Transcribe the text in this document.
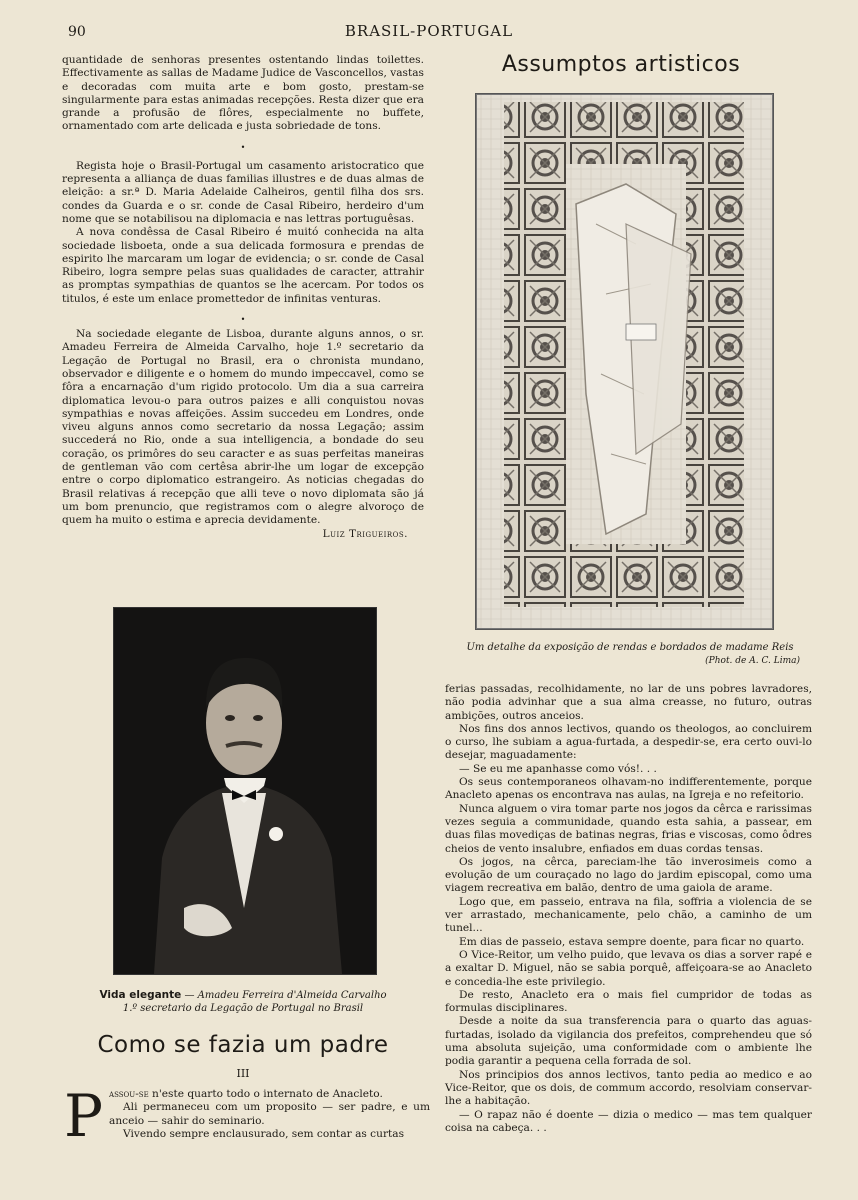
90	BRASIL-PORTUGAL

quantidade de senhoras presentes ostentando lindas toilettes. Effectivamente as sallas de Madame Judice de Vasconcellos, vastas e decoradas com muita arte e bom gosto, prestam-se singularmente para estas animadas recepções. Resta dizer que era grande a profusão de flôres, especialmente no buffete, ornamentado com arte delicada e justa sobriedade de tons.

•

Regista hoje o Brasil-Portugal um casamento aristocratico que representa a alliança de duas familias illustres e de duas almas de eleição: a sr.ª D. Maria Adelaide Calheiros, gentil filha dos srs. condes da Guarda e o sr. conde de Casal Ribeiro, herdeiro d'um nome que se notabilisou na diplomacia e nas lettras portuguêsas.

A nova condêssa de Casal Ribeiro é muitó conhecida na alta sociedade lisboeta, onde a sua delicada formosura e prendas de espirito lhe marcaram um logar de evidencia; o sr. conde de Casal Ribeiro, logra sempre pelas suas qualidades de caracter, attrahir as promptas sympathias de quantos se lhe acercam. Por todos os titulos, é este um enlace promettedor de infinitas venturas.

•

Na sociedade elegante de Lisboa, durante alguns annos, o sr. Amadeu Ferreira de Almeida Carvalho, hoje 1.º secretario da Legação de Portugal no Brasil, era o chronista mundano, observador e diligente e o homem do mundo impeccavel, como se fôra a encarnação d'um rigido protocolo. Um dia a sua carreira diplomatica levou-o para outros paizes e alli conquistou novas sympathias e novas affeições. Assim succedeu em Londres, onde viveu alguns annos como secretario da nossa Legação; assim succederá no Rio, onde a sua intelligencia, a bondade do seu coração, os primôres do seu caracter e as suas perfeitas maneiras de gentleman vão com certêsa abrir-lhe um logar de excepção entre o corpo diplomatico estrangeiro. As noticias chegadas do Brasil relativas á recepção que alli teve o novo diplomata são já um bom prenuncio, que registramos com o alegre alvoroço de quem ha muito o estima e aprecia devidamente.

Luiz Trigueiros.
Assumptos artisticos
Um detalhe da exposição de rendas e bordados de madame Reis
(Phot. de A. C. Lima)
Vida elegante — Amadeu Ferreira d'Almeida Carvalho
1.º secretario da Legação de Portugal no Brasil
Como se fazia um padre
III
P assou-se n'este quarto todo o internato de Anacleto.

Ali permaneceu com um proposito — ser padre, e um anceio — sahir do seminario.

Vivendo sempre enclausurado, sem contar as curtas

ferias passadas, recolhidamente, no lar de uns pobres lavradores, não podia advinhar que a sua alma creasse, no futuro, outras ambições, outros anceios.

Nos fins dos annos lectivos, quando os theologos, ao concluirem o curso, lhe subiam a agua-furtada, a despedir-se, era certo ouvi-lo desejar, maguadamente:

— Se eu me apanhasse como vós!. . .

Os seus contemporaneos olhavam-no indifferentemente, porque Anacleto apenas os encontrava nas aulas, na Igreja e no refeitorio.

Nunca alguem o vira tomar parte nos jogos da cêrca e rarissimas vezes seguia a communidade, quando esta sahia, a passear, em duas filas movediças de batinas negras, frias e viscosas, como ôdres cheios de vento insalubre, enfiados em duas cordas tensas.

Os jogos, na cêrca, pareciam-lhe tão inverosimeis como a evolução de um couraçado no lago do jardim episcopal, como uma viagem recreativa em balão, dentro de uma gaiola de arame.

Logo que, em passeio, entrava na fila, soffria a violencia de se ver arrastado, mechanicamente, pelo chão, a caminho de um tunel...

Em dias de passeio, estava sempre doente, para ficar no quarto.

O Vice-Reitor, um velho puido, que levava os dias a sorver rapé e a exaltar D. Miguel, não se sabia porquê, affeiçoara-se ao Anacleto e concedia-lhe este privilegio.

De resto, Anacleto era o mais fiel cumpridor de todas as formulas disciplinares.

Desde a noite da sua transferencia para o quarto das aguas-furtadas, isolado da vigilancia dos prefeitos, comprehendeu que só uma absoluta sujeição, uma conformidade com o ambiente lhe podia garantir a pequena cella forrada de sol.

Nos principios dos annos lectivos, tanto pedia ao medico e ao Vice-Reitor, que os dois, de commum accordo, resolviam conservar-lhe a habitação.

— O rapaz não é doente — dizia o medico — mas tem qualquer coisa na cabeça. . .
